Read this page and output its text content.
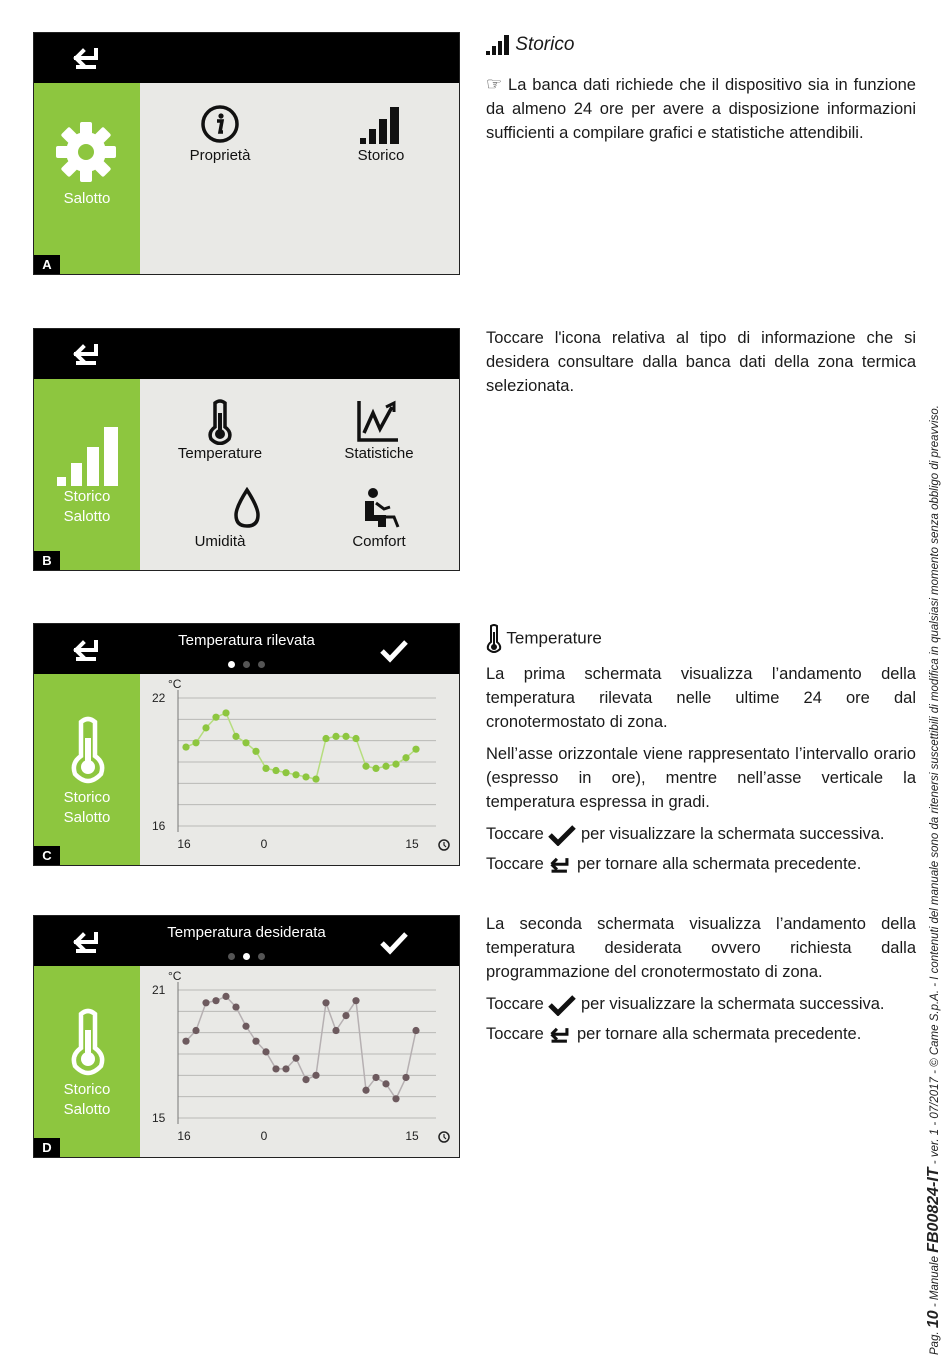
Salotto
Proprietà	Storico
A
Storico

☞ La banca dati richiede che il dispositivo sia in funzione da almeno 24 ore per avere a disposizione informazioni sufficienti a compilare grafici e statistiche attendibili.

Storico
Salotto
Temperature	Statistiche
Umidità	Comfort
B

Toccare l'icona relativa al tipo di informazione che si desidera consultare dalla banca dati della zona termica selezionata.

Temperatura rilevata
Storico
Salotto
°C
22
16
16	0	15
C
Temperature

La prima schermata visualizza l’andamento della temperatura rilevata nelle ultime 24 ore dal cronotermostato di zona.

Nell’asse orizzontale viene rappresentato l’intervallo orario (espresso in ore), mentre nell’asse verticale la temperatura espressa in gradi.

Toccare per visualizzare la schermata successiva.

Toccare per tornare alla schermata precedente.

Temperatura desiderata
Storico
Salotto
°C
21
15
16	0	15
D

La seconda schermata visualizza l’andamento della temperatura desiderata ovvero richiesta dalla programmazione del cronotermostato di zona.

Toccare per visualizzare la schermata successiva.

Toccare per tornare alla schermata precedente.

Pag. 10 - Manuale FB00824-IT - ver. 1 - 07/2017 - © Came S.p.A. - I contenuti del manuale sono da ritenersi suscettibili di modifica in qualsiasi momento senza obbligo di preavviso.
